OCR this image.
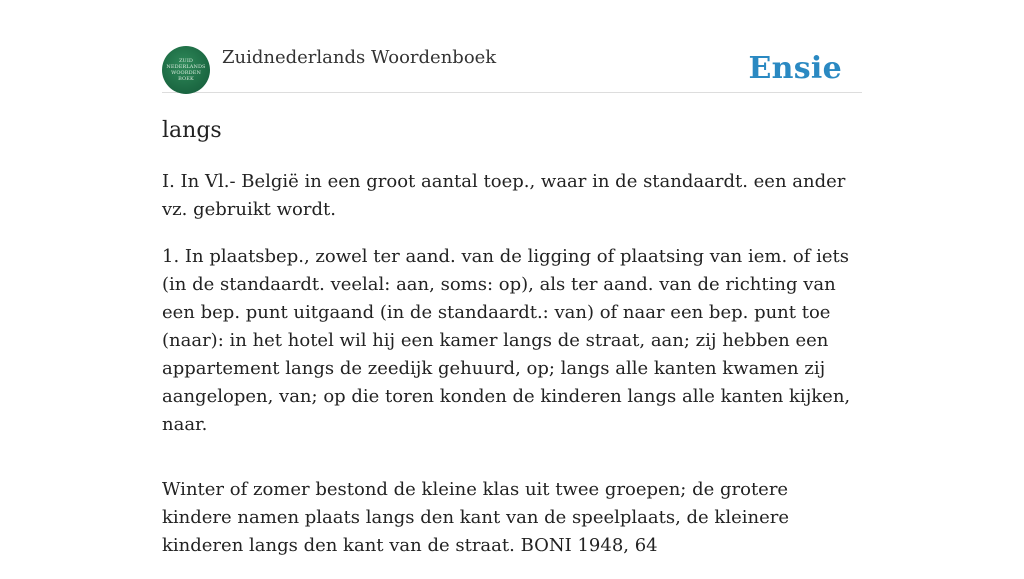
ZUID
NEDERLANDS
WOORDEN
BOEK
Zuidnederlands Woordenboek	Ensie
langs

I. In Vl.- België in een groot aantal toep., waar in de standaardt. een ander vz. gebruikt wordt.

1. In plaatsbep., zowel ter aand. van de ligging of plaatsing van iem. of iets (in de standaardt. veelal: aan, soms: op), als ter aand. van de richting van een bep. punt uitgaand (in de standaardt.: van) of naar een bep. punt toe (naar): in het hotel wil hij een kamer langs de straat, aan; zij hebben een appartement langs de zeedijk gehuurd, op; langs alle kanten kwamen zij aangelopen, van; op die toren konden de kinderen langs alle kanten kijken, naar.

Winter of zomer bestond de kleine klas uit twee groepen; de grotere kindere namen plaats langs den kant van de speelplaats, de kleinere kinderen langs den kant van de straat. BONI 1948, 64
